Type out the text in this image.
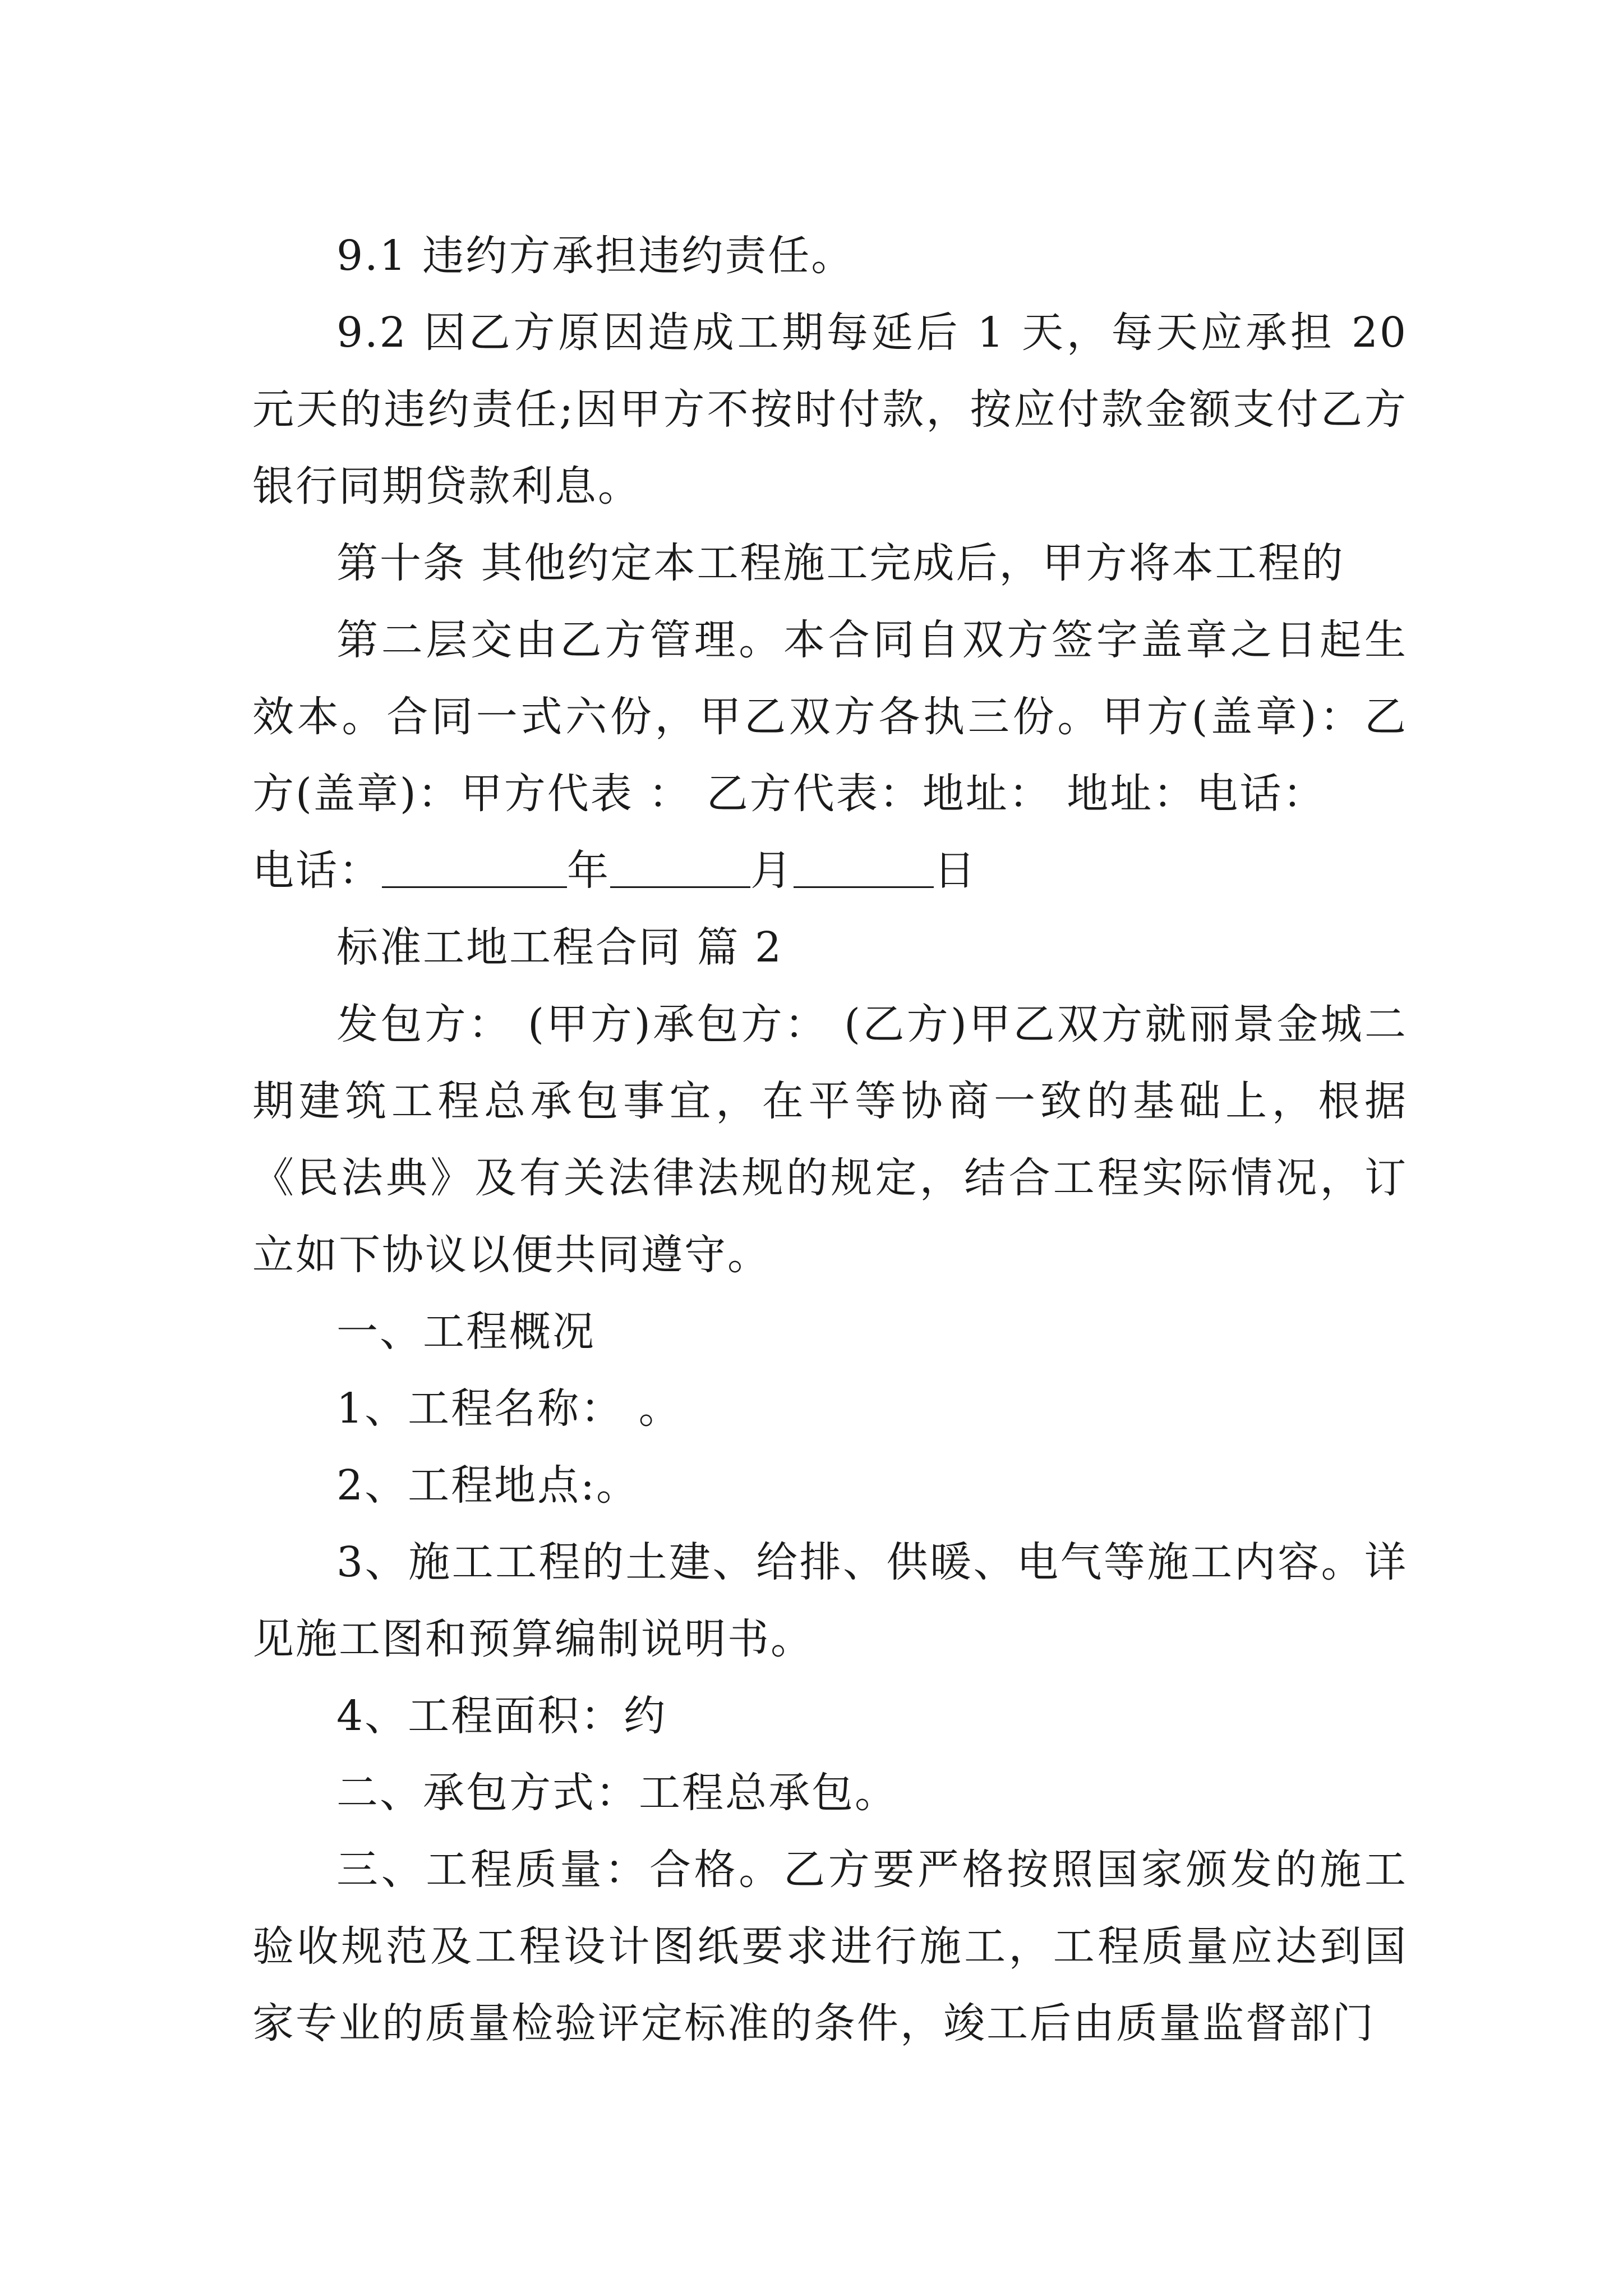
9.1 违约方承担违约责任。

9.2 因乙方原因造成工期每延后 1 天，每天应承担 20 元天的违约责任;因甲方不按时付款，按应付款金额支付乙方银行同期贷款利息。

第十条 其他约定本工程施工完成后，甲方将本工程的

第二层交由乙方管理。本合同自双方签字盖章之日起生效本。合同一式六份，甲乙双方各执三份。甲方(盖章)：乙方(盖章)：甲方代表 ： 乙方代表：地址： 地址：电话：

电话：	年	月	日

标准工地工程合同 篇 2

发包方： (甲方)承包方： (乙方)甲乙双方就丽景金城二期建筑工程总承包事宜，在平等协商一致的基础上，根据《民法典》及有关法律法规的规定，结合工程实际情况，订立如下协议以便共同遵守。

一、工程概况

1、工程名称： 。

2、工程地点:。

3、施工工程的土建、给排、供暖、电气等施工内容。详见施工图和预算编制说明书。

4、工程面积：约

二、承包方式：工程总承包。

三、工程质量：合格。乙方要严格按照国家颁发的施工验收规范及工程设计图纸要求进行施工，工程质量应达到国家专业的质量检验评定标准的条件，竣工后由质量监督部门
